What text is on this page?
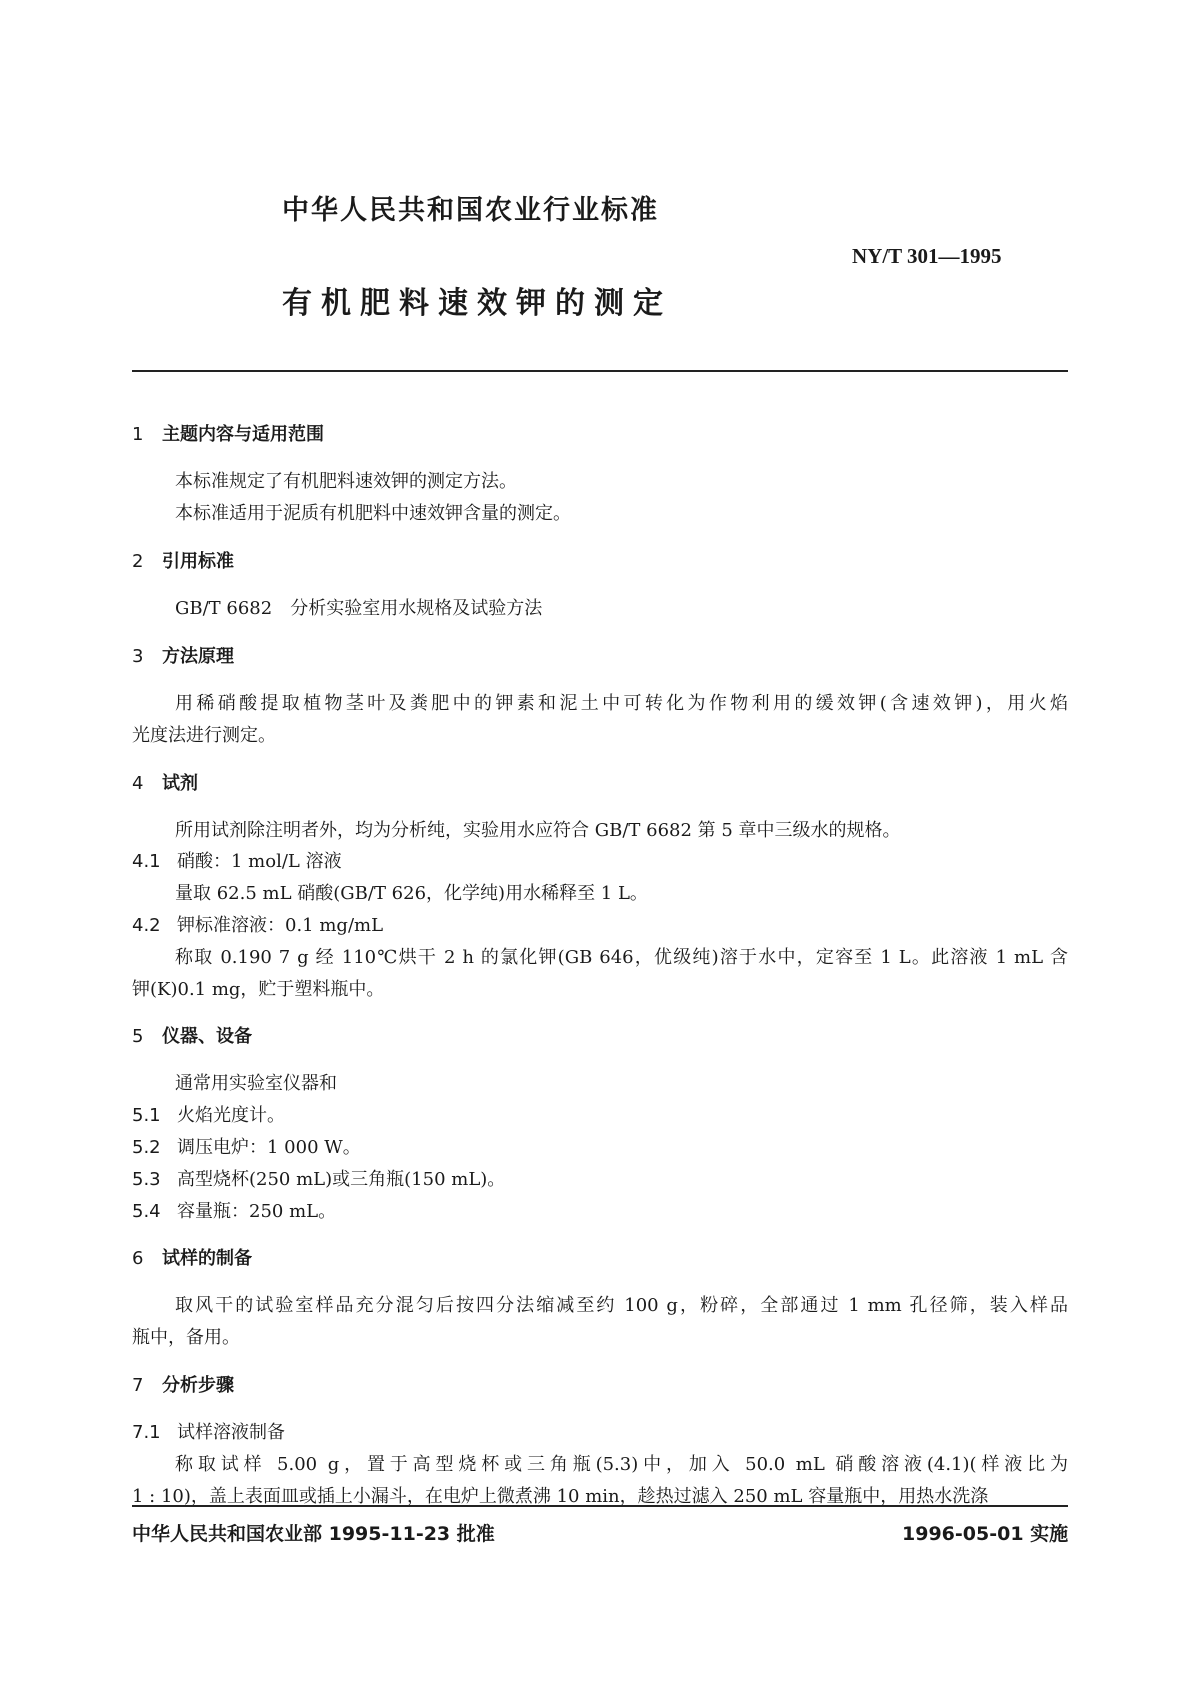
中华人民共和国农业行业标准
NY/T 301—1995
有机肥料速效钾的测定
1 主题内容与适用范围
本标准规定了有机肥料速效钾的测定方法。
本标准适用于泥质有机肥料中速效钾含量的测定。
2 引用标准
GB/T 6682　分析实验室用水规格及试验方法
3 方法原理
用稀硝酸提取植物茎叶及粪肥中的钾素和泥土中可转化为作物利用的缓效钾(含速效钾)，用火焰
光度法进行测定。
4 试剂
所用试剂除注明者外，均为分析纯，实验用水应符合 GB/T 6682 第 5 章中三级水的规格。
4.1 硝酸：1 mol/L 溶液
量取 62.5 mL 硝酸(GB/T 626，化学纯)用水稀释至 1 L。
4.2 钾标准溶液：0.1 mg/mL
称取 0.190 7 g 经 110℃烘干 2 h 的氯化钾(GB 646，优级纯)溶于水中，定容至 1 L。此溶液 1 mL 含
钾(K)0.1 mg，贮于塑料瓶中。
5 仪器、设备
通常用实验室仪器和
5.1 火焰光度计。
5.2 调压电炉：1 000 W。
5.3 高型烧杯(250 mL)或三角瓶(150 mL)。
5.4 容量瓶：250 mL。
6 试样的制备
取风干的试验室样品充分混匀后按四分法缩减至约 100 g，粉碎，全部通过 1 mm 孔径筛，装入样品
瓶中，备用。
7 分析步骤
7.1 试样溶液制备
称取试样 5.00 g，置于高型烧杯或三角瓶(5.3)中，加入 50.0 mL 硝酸溶液(4.1)(样液比为
1 : 10)，盖上表面皿或插上小漏斗，在电炉上微煮沸 10 min，趁热过滤入 250 mL 容量瓶中，用热水洗涤
中华人民共和国农业部 1995-11-23 批准	1996-05-01 实施
